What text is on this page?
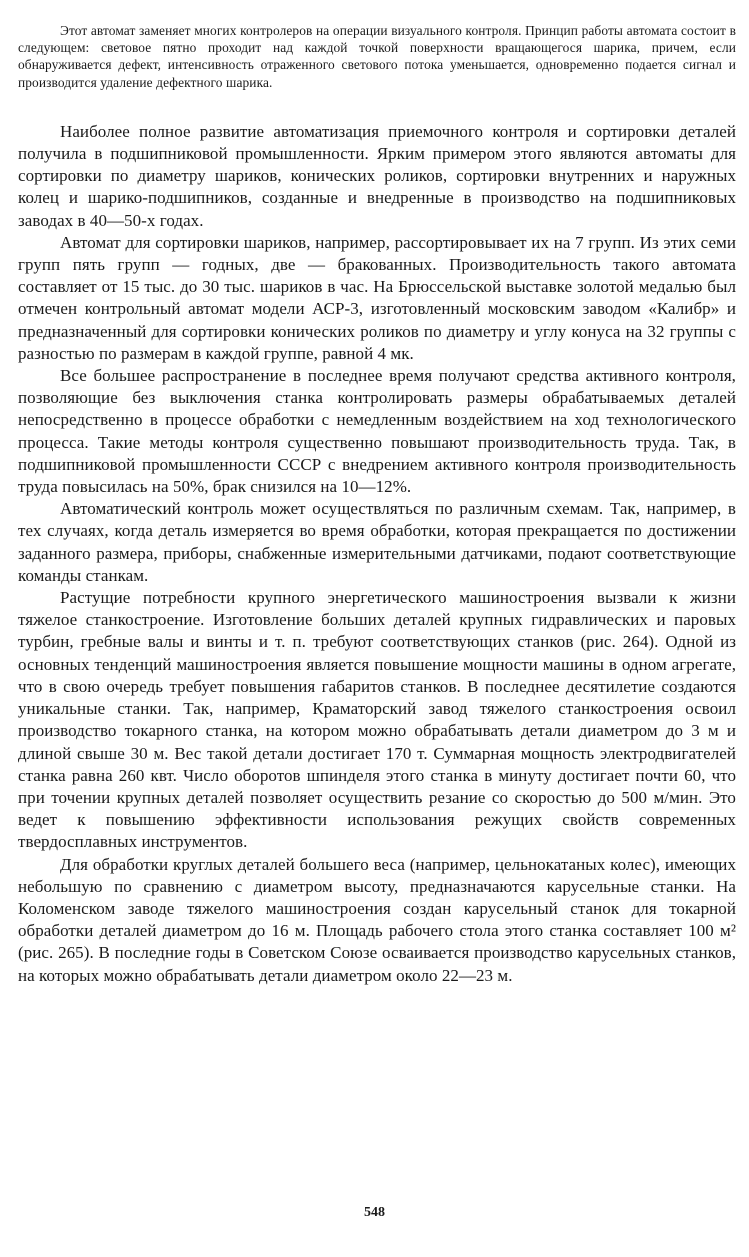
Этот автомат заменяет многих контролеров на операции визуального контроля. Принцип работы автомата состоит в следующем: световое пятно проходит над каждой точкой поверхности вращающегося шарика, причем, если обнаруживается дефект, интенсивность отраженного светового потока уменьшается, одновременно подается сигнал и производится удаление дефектного шарика.

Наиболее полное развитие автоматизация приемочного контроля и сортировки деталей получила в подшипниковой промышленности. Ярким примером этого являются автоматы для сортировки по диаметру шариков, конических роликов, сортировки внутренних и наружных колец и шарико-подшипников, созданные и внедренные в производство на подшипниковых заводах в 40—50-х годах.

Автомат для сортировки шариков, например, рассортировывает их на 7 групп. Из этих семи групп пять групп — годных, две — бракованных. Производительность такого автомата составляет от 15 тыс. до 30 тыс. шариков в час. На Брюссельской выставке золотой медалью был отмечен контрольный автомат модели АСР-3, изготовленный московским заводом «Калибр» и предназначенный для сортировки конических роликов по диаметру и углу конуса на 32 группы с разностью по размерам в каждой группе, равной 4 мк.

Все большее распространение в последнее время получают средства активного контроля, позволяющие без выключения станка контролировать размеры обрабатываемых деталей непосредственно в процессе обработки с немедленным воздействием на ход технологического процесса. Такие методы контроля существенно повышают производительность труда. Так, в подшипниковой промышленности СССР с внедрением активного контроля производительность труда повысилась на 50%, брак снизился на 10—12%.

Автоматический контроль может осуществляться по различным схемам. Так, например, в тех случаях, когда деталь измеряется во время обработки, которая прекращается по достижении заданного размера, приборы, снабженные измерительными датчиками, подают соответствующие команды станкам.

Растущие потребности крупного энергетического машиностроения вызвали к жизни тяжелое станкостроение. Изготовление больших деталей крупных гидравлических и паровых турбин, гребные валы и винты и т. п. требуют соответствующих станков (рис. 264). Одной из основных тенденций машиностроения является повышение мощности машины в одном агрегате, что в свою очередь требует повышения габаритов станков. В последнее десятилетие создаются уникальные станки. Так, например, Краматорский завод тяжелого станкостроения освоил производство токарного станка, на котором можно обрабатывать детали диаметром до 3 м и длиной свыше 30 м. Вес такой детали достигает 170 т. Суммарная мощность электродвигателей станка равна 260 квт. Число оборотов шпинделя этого станка в минуту достигает почти 60, что при точении крупных деталей позволяет осуществить резание со скоростью до 500 м/мин. Это ведет к повышению эффективности использования режущих свойств современных твердосплавных инструментов.

Для обработки круглых деталей большего веса (например, цельнокатаных колес), имеющих небольшую по сравнению с диаметром высоту, предназначаются карусельные станки. На Коломенском заводе тяжелого машиностроения создан карусельный станок для токарной обработки деталей диаметром до 16 м. Площадь рабочего стола этого станка составляет 100 м² (рис. 265). В последние годы в Советском Союзе осваивается производство карусельных станков, на которых можно обрабатывать детали диаметром около 22—23 м.

548
